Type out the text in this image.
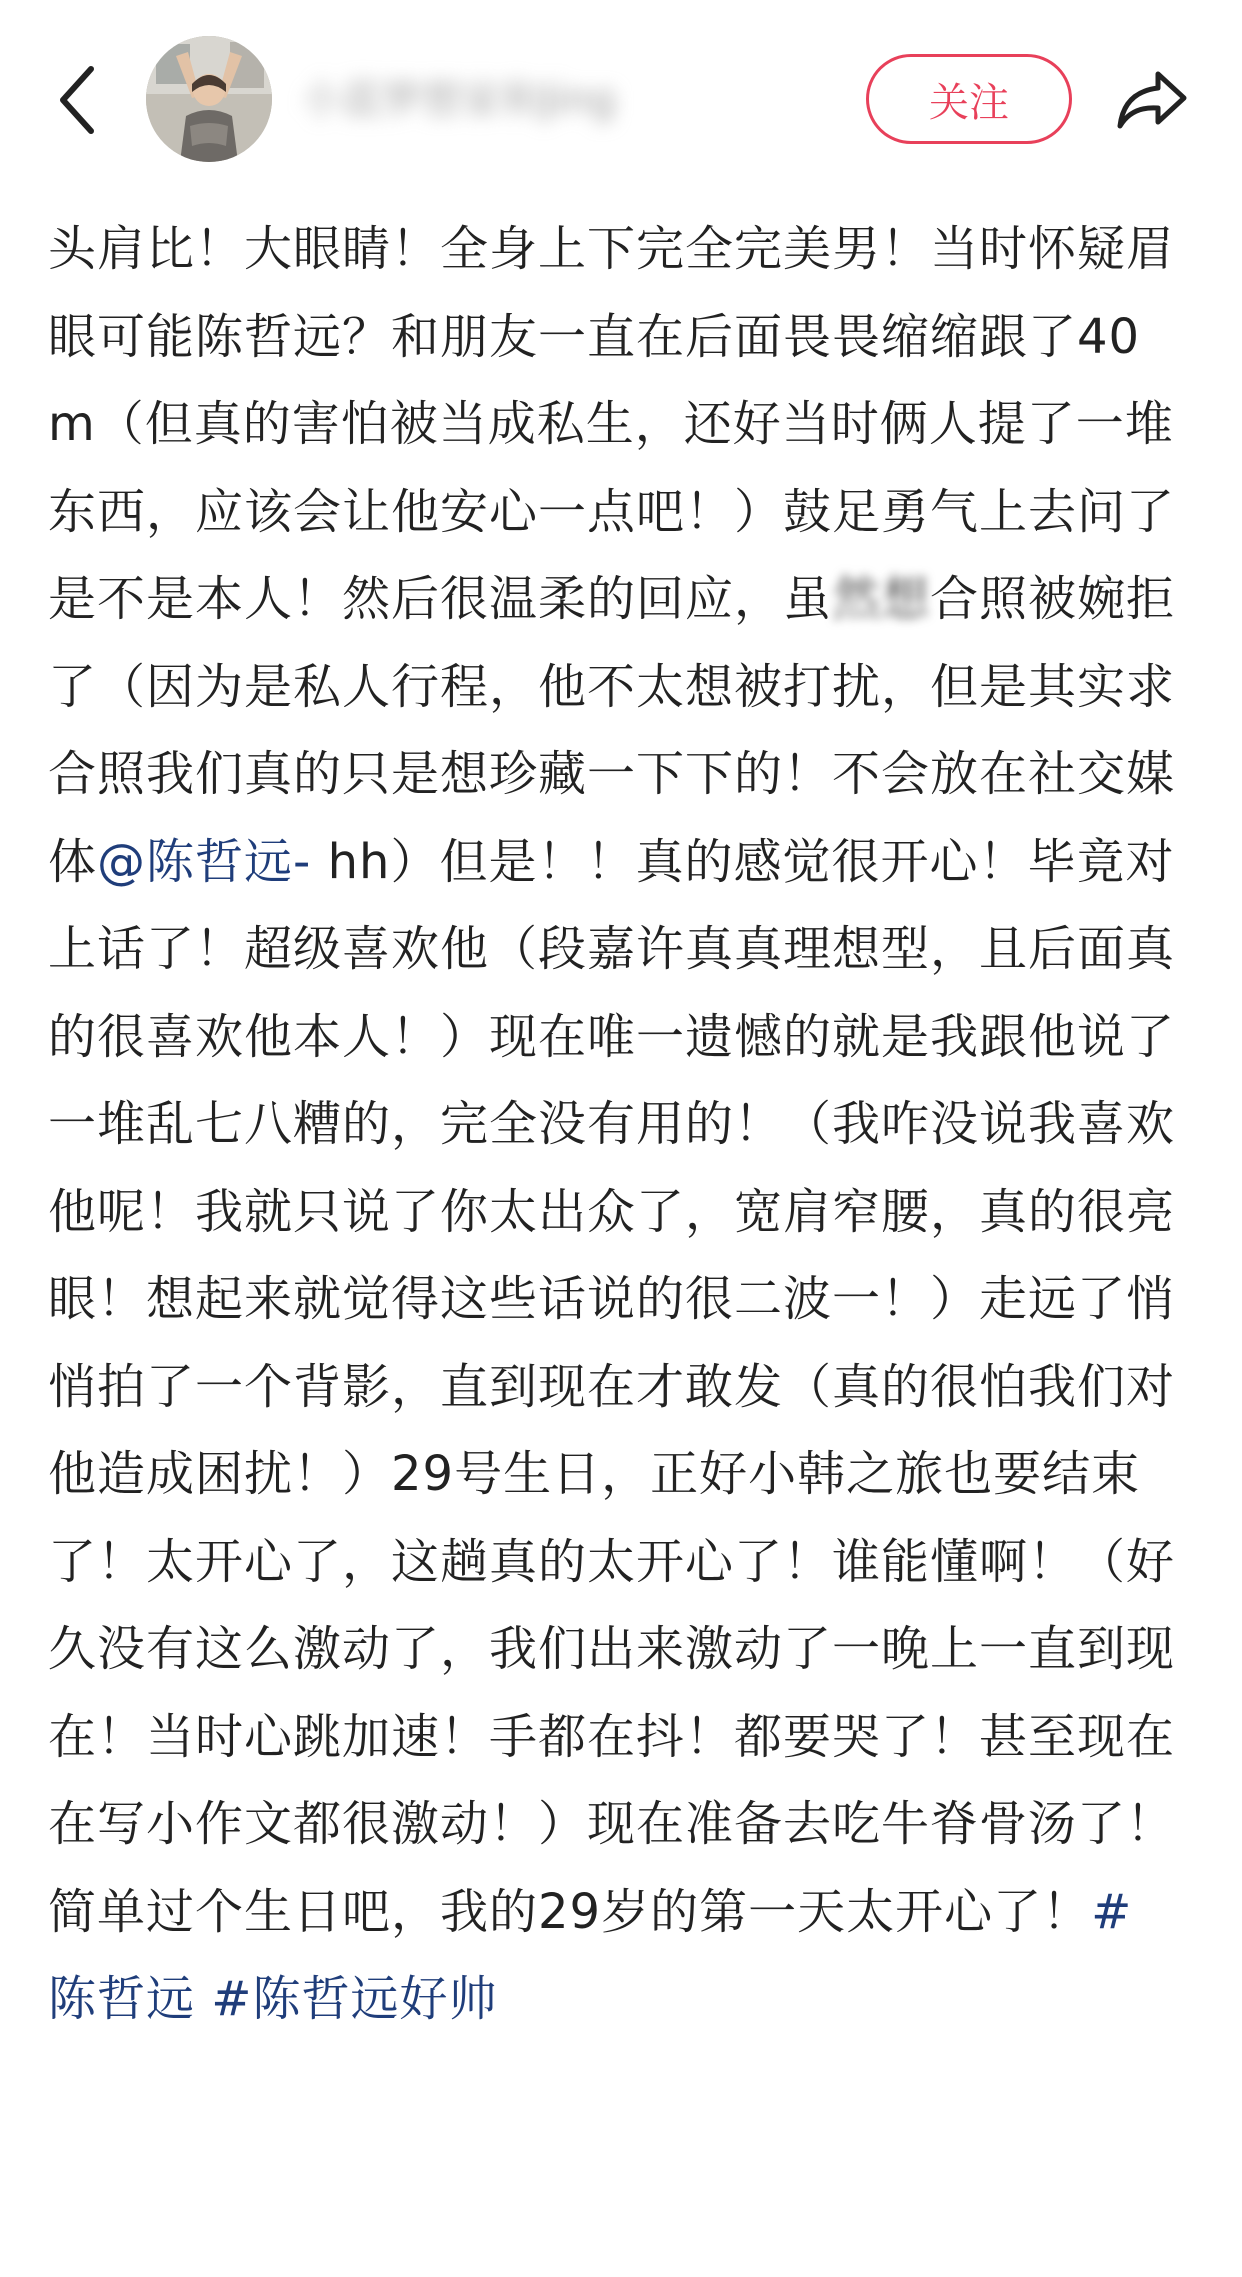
小蓝梦想家和Jing	关注
头肩比！大眼睛！全身上下完全完美男！当时怀疑眉眼可能陈哲远？和朋友一直在后面畏畏缩缩跟了40m（但真的害怕被当成私生，还好当时俩人提了一堆东西，应该会让他安心一点吧！）鼓足勇气上去问了是不是本人！然后很温柔的回应，虽然想合照被婉拒了（因为是私人行程，他不太想被打扰，但是其实求合照我们真的只是想珍藏一下下的！不会放在社交媒体@陈哲远- hh）但是！！真的感觉很开心！毕竟对上话了！超级喜欢他（段嘉许真真理想型，且后面真的很喜欢他本人！）现在唯一遗憾的就是我跟他说了一堆乱七八糟的，完全没有用的！（我咋没说我喜欢他呢！我就只说了你太出众了，宽肩窄腰，真的很亮眼！想起来就觉得这些话说的很二波一！）走远了悄悄拍了一个背影，直到现在才敢发（真的很怕我们对他造成困扰！）29号生日，正好小韩之旅也要结束了！太开心了，这趟真的太开心了！谁能懂啊！（好久没有这么激动了，我们出来激动了一晚上一直到现在！当时心跳加速！手都在抖！都要哭了！甚至现在在写小作文都很激动！）现在准备去吃牛脊骨汤了！简单过个生日吧，我的29岁的第一天太开心了！#陈哲远 #陈哲远好帅
